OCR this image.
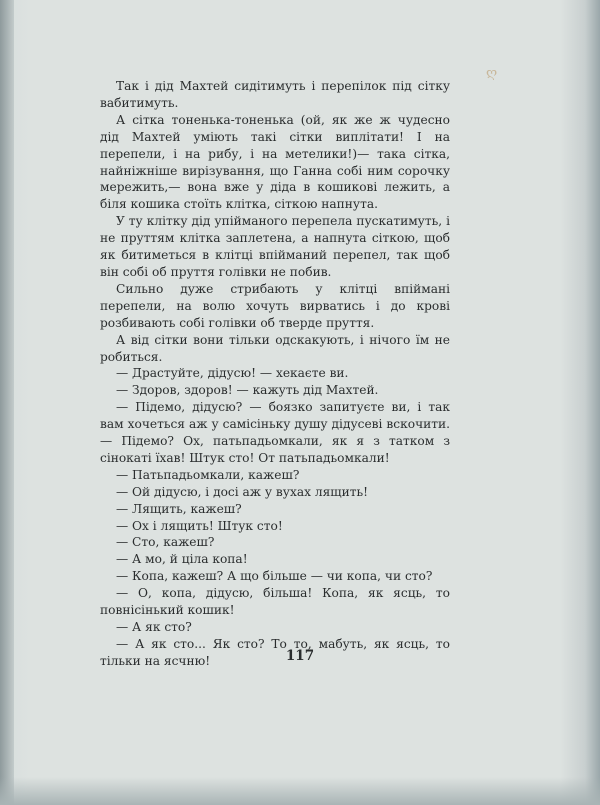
ღ

Так і дід Махтей сидітимуть і перепілок під сітку вабитимуть.

А сітка тоненька-тоненька (ой, як же ж чудесно дід Махтей уміють такі сітки виплітати! І на перепели, і на рибу, і на метелики!)— така сітка, найніжніше вирізування, що Ганна собі ним сорочку мережить,— вона вже у діда в кошикові лежить, а біля кошика стоїть клітка, сіткою напнута.

У ту клітку дід упійманого перепела пускатимуть, і не пруттям клітка заплетена, а напнута сіткою, щоб як битиметься в клітці впійманий перепел, так щоб він собі об пруття голівки не побив.

Сильно дуже стрибають у клітці впіймані перепели, на волю хочуть вирватись і до крові розбивають собі голівки об тверде пруття.

А від сітки вони тільки одскакують, і нічого їм не робиться.

— Драстуйте, дідусю! — хекаєте ви.

— Здоров, здоров! — кажуть дід Махтей.

— Підемо, дідусю? — боязко запитуєте ви, і так вам хочеться аж у самісіньку душу дідусеві вскочити.— Підемо? Ох, патьпадьомкали, як я з татком з сінокаті їхав! Штук сто! От патьпадьомкали!

— Патьпадьомкали, кажеш?

— Ой дідусю, і досі аж у вухах лящить!

— Лящить, кажеш?

— Ох і лящить! Штук сто!

— Сто, кажеш?

— А мо, й ціла копа!

— Копа, кажеш? А що більше — чи копа, чи сто?

— О, копа, дідусю, більша! Копа, як ясць, то повнісінький кошик!

— А як сто?

— А як сто... Як сто? То то, мабуть, як ясць, то тільки на ясчню!	117
